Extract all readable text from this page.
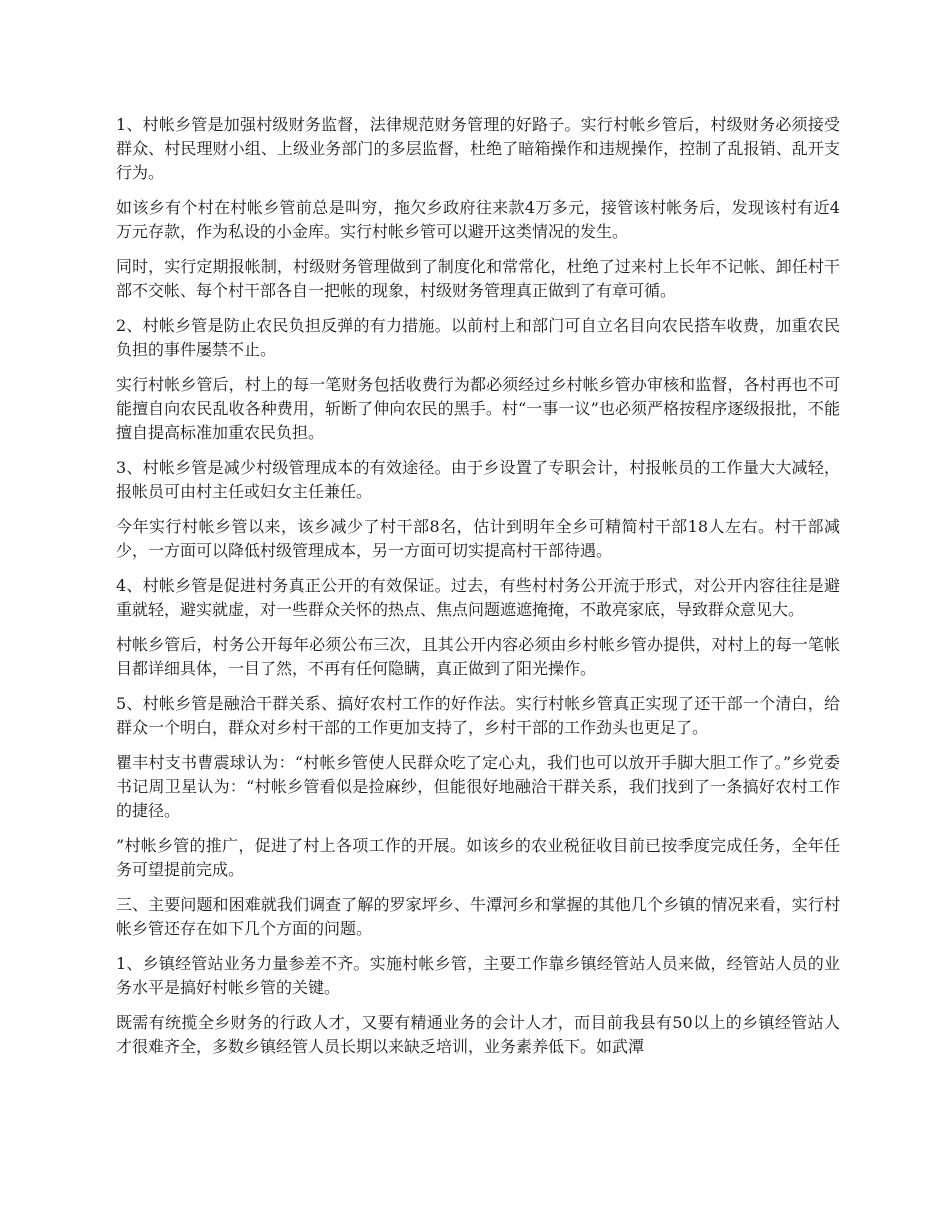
1、村帐乡管是加强村级财务监督，法律规范财务管理的好路子。实行村帐乡管后，村级财务必须接受群众、村民理财小组、上级业务部门的多层监督，杜绝了暗箱操作和违规操作，控制了乱报销、乱开支行为。

如该乡有个村在村帐乡管前总是叫穷，拖欠乡政府往来款4万多元，接管该村帐务后，发现该村有近4万元存款，作为私设的小金库。实行村帐乡管可以避开这类情况的发生。

同时，实行定期报帐制，村级财务管理做到了制度化和常常化，杜绝了过来村上长年不记帐、卸任村干部不交帐、每个村干部各自一把帐的现象，村级财务管理真正做到了有章可循。

2、村帐乡管是防止农民负担反弹的有力措施。以前村上和部门可自立名目向农民搭车收费，加重农民负担的事件屡禁不止。

实行村帐乡管后，村上的每一笔财务包括收费行为都必须经过乡村帐乡管办审核和监督，各村再也不可能擅自向农民乱收各种费用，斩断了伸向农民的黑手。村“一事一议”也必须严格按程序逐级报批，不能擅自提高标准加重农民负担。

3、村帐乡管是减少村级管理成本的有效途径。由于乡设置了专职会计，村报帐员的工作量大大减轻，报帐员可由村主任或妇女主任兼任。

今年实行村帐乡管以来，该乡减少了村干部8名，估计到明年全乡可精简村干部18人左右。村干部减少，一方面可以降低村级管理成本，另一方面可切实提高村干部待遇。

4、村帐乡管是促进村务真正公开的有效保证。过去，有些村村务公开流于形式，对公开内容往往是避重就轻，避实就虚，对一些群众关怀的热点、焦点问题遮遮掩掩，不敢亮家底，导致群众意见大。

村帐乡管后，村务公开每年必须公布三次，且其公开内容必须由乡村帐乡管办提供，对村上的每一笔帐目都详细具体，一目了然，不再有任何隐瞒，真正做到了阳光操作。

5、村帐乡管是融洽干群关系、搞好农村工作的好作法。实行村帐乡管真正实现了还干部一个清白，给群众一个明白，群众对乡村干部的工作更加支持了，乡村干部的工作劲头也更足了。

瞿丰村支书曹震球认为：“村帐乡管使人民群众吃了定心丸，我们也可以放开手脚大胆工作了。”乡党委书记周卫星认为：“村帐乡管看似是捡麻纱，但能很好地融洽干群关系，我们找到了一条搞好农村工作的捷径。

”村帐乡管的推广，促进了村上各项工作的开展。如该乡的农业税征收目前已按季度完成任务，全年任务可望提前完成。

三、主要问题和困难就我们调查了解的罗家坪乡、牛潭河乡和掌握的其他几个乡镇的情况来看，实行村帐乡管还存在如下几个方面的问题。

1、乡镇经管站业务力量参差不齐。实施村帐乡管，主要工作靠乡镇经管站人员来做，经管站人员的业务水平是搞好村帐乡管的关键。

既需有统揽全乡财务的行政人才，又要有精通业务的会计人才，而目前我县有50以上的乡镇经管站人才很难齐全，多数乡镇经管人员长期以来缺乏培训，业务素养低下。如武潭
